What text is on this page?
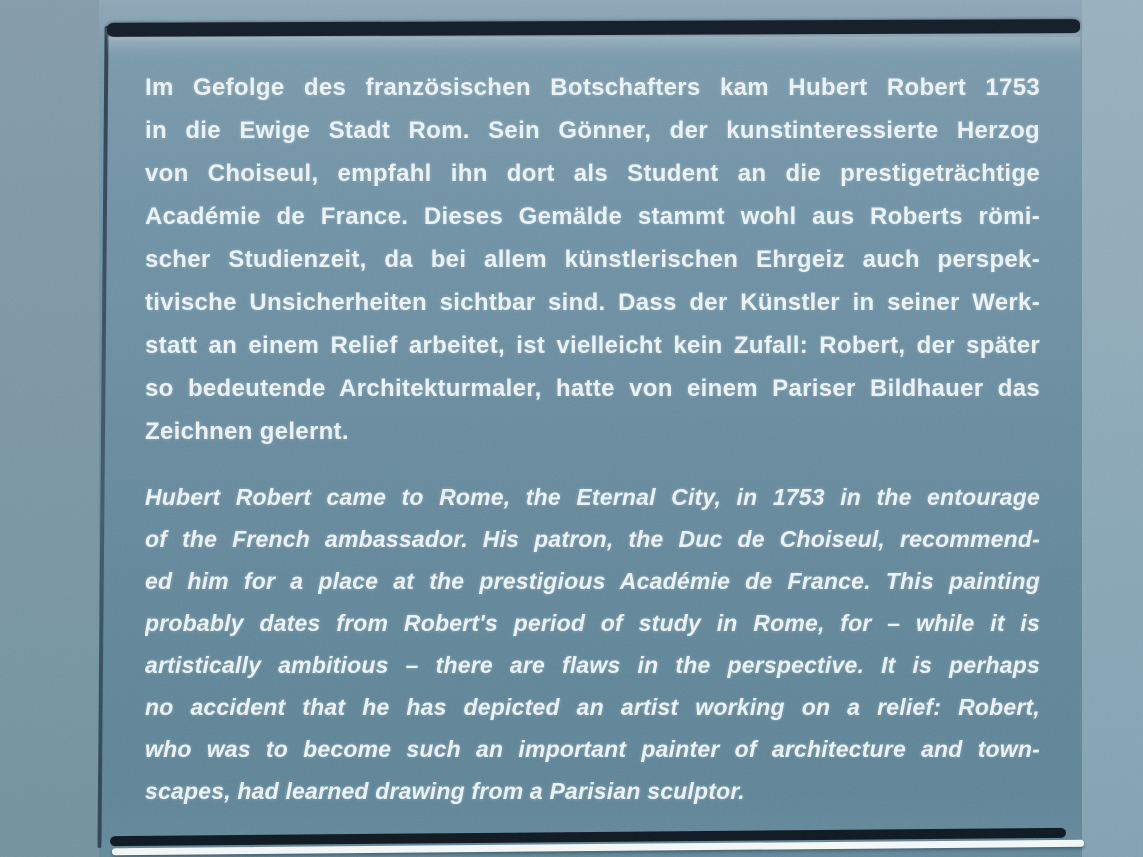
Im Gefolge des französischen Botschafters kam Hubert Robert 1753
in die Ewige Stadt Rom. Sein Gönner, der kunstinteressierte Herzog
von Choiseul, empfahl ihn dort als Student an die prestigeträchtige
Académie de France. Dieses Gemälde stammt wohl aus Roberts römi-
scher Studienzeit, da bei allem künstlerischen Ehrgeiz auch perspek-
tivische Unsicherheiten sichtbar sind. Dass der Künstler in seiner Werk-
statt an einem Relief arbeitet, ist vielleicht kein Zufall: Robert, der später
so bedeutende Architekturmaler, hatte von einem Pariser Bildhauer das
Zeichnen gelernt.
Hubert Robert came to Rome, the Eternal City, in 1753 in the entourage
of the French ambassador. His patron, the Duc de Choiseul, recommend-
ed him for a place at the prestigious Académie de France. This painting
probably dates from Robert's period of study in Rome, for – while it is
artistically ambitious – there are flaws in the perspective. It is perhaps
no accident that he has depicted an artist working on a relief: Robert,
who was to become such an important painter of architecture and town-
scapes, had learned drawing from a Parisian sculptor.
